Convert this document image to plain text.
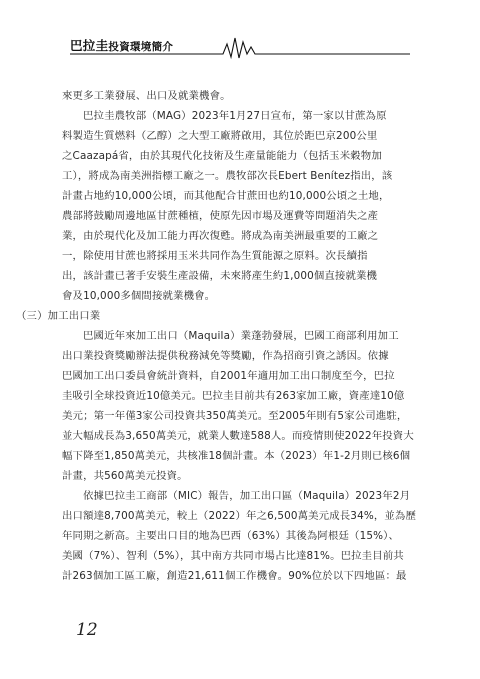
巴拉圭投資環境簡介

來更多工業發展、出口及就業機會。

巴拉圭農牧部（MAG）2023年1月27日宣布，第一家以甘蔗為原
料製造生質燃料（乙醇）之大型工廠將啟用，其位於距巴京200公里
之Caazapá省，由於其現代化技術及生產量能能力（包括玉米穀物加
工），將成為南美洲指標工廠之一。農牧部次長Ebert Benítez指出，該
計畫占地約10,000公頃，而其他配合甘蔗田也約10,000公頃之土地，
農部將鼓勵周邊地區甘蔗種植，使原先因市場及運費等問題消失之產
業，由於現代化及加工能力再次復甦。將成為南美洲最重要的工廠之
一，除使用甘蔗也將採用玉米共同作為生質能源之原料。次長續指
出，該計畫已著手安裝生產設備，未來將產生約1,000個直接就業機
會及10,000多個間接就業機會。

（三）加工出口業

巴國近年來加工出口（Maquila）業蓬勃發展，巴國工商部利用加工
出口業投資獎勵辦法提供稅務減免等獎勵，作為招商引資之誘因。依據
巴國加工出口委員會統計資料，自2001年適用加工出口制度至今，巴拉
圭吸引全球投資近10億美元。巴拉圭目前共有263家加工廠，資產達10億
美元；第一年僅3家公司投資共350萬美元。至2005年則有5家公司進駐，
並大幅成長為3,650萬美元，就業人數達588人。而疫情則使2022年投資大
幅下降至1,850萬美元，共核准18個計畫。本（2023）年1-2月則已核6個
計畫，共560萬美元投資。

依據巴拉圭工商部（MIC）報告，加工出口區（Maquila）2023年2月
出口額達8,700萬美元，較上（2022）年之6,500萬美元成長34%，並為歷
年同期之新高。主要出口目的地為巴西（63%）其後為阿根廷（15%）、
美國（7%）、智利（5%），其中南方共同市場占比達81%。巴拉圭目前共
計263個加工區工廠，創造21,611個工作機會。90%位於以下四地區：最

12
